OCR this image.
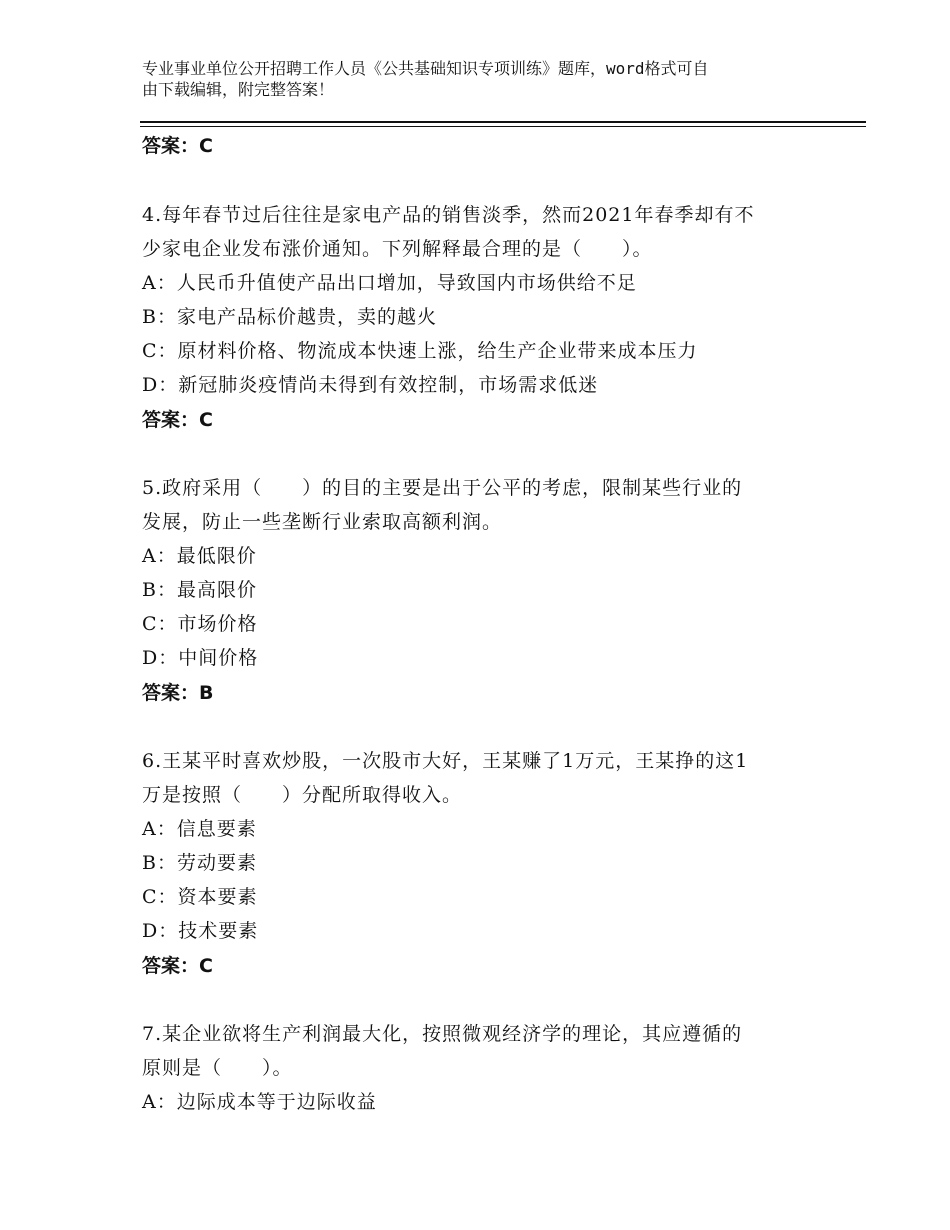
专业事业单位公开招聘工作人员《公共基础知识专项训练》题库，word格式可自
由下载编辑，附完整答案！
答案：C
4.每年春节过后往往是家电产品的销售淡季，然而2021年春季却有不
少家电企业发布涨价通知。下列解释最合理的是（　　）。
A：人民币升值使产品出口增加，导致国内市场供给不足
B：家电产品标价越贵，卖的越火
C：原材料价格、物流成本快速上涨，给生产企业带来成本压力
D：新冠肺炎疫情尚未得到有效控制，市场需求低迷
答案：C
5.政府采用（　　）的目的主要是出于公平的考虑，限制某些行业的
发展，防止一些垄断行业索取高额利润。
A：最低限价
B：最高限价
C：市场价格
D：中间价格
答案：B
6.王某平时喜欢炒股，一次股市大好，王某赚了1万元，王某挣的这1
万是按照（　　）分配所取得收入。
A：信息要素
B：劳动要素
C：资本要素
D：技术要素
答案：C
7.某企业欲将生产利润最大化，按照微观经济学的理论，其应遵循的
原则是（　　）。
A：边际成本等于边际收益
